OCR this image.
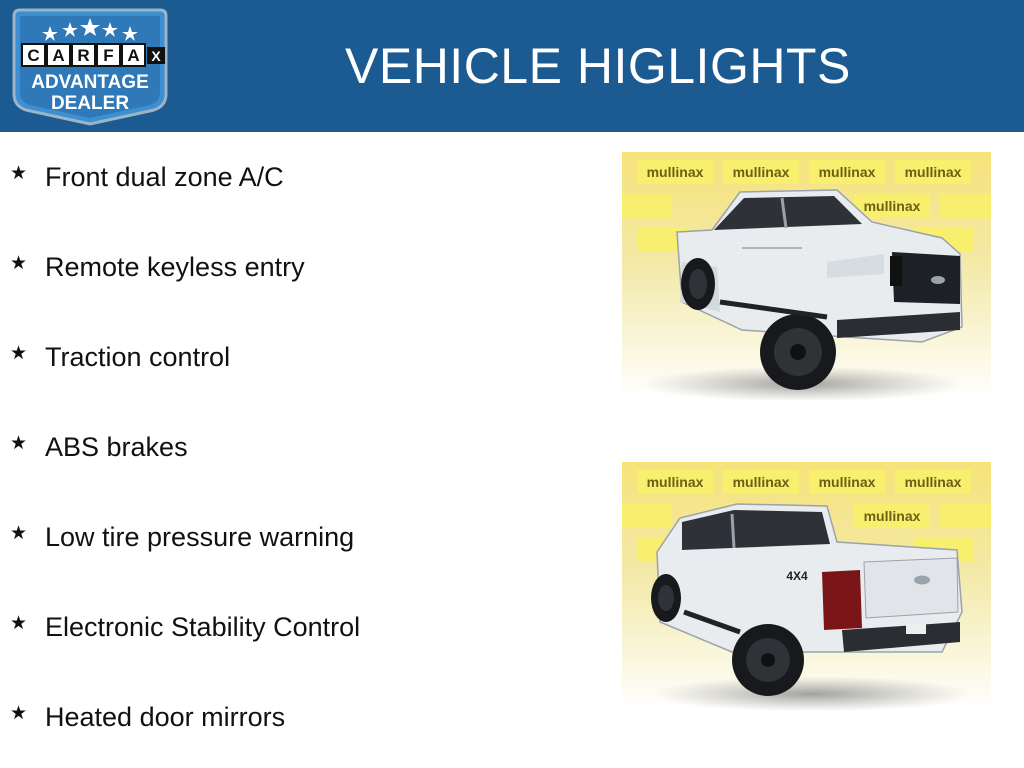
C A R F A X
ADVANTAGE
DEALER
VEHICLE HIGLIGHTS
★ Front dual zone A/C
★ Remote keyless entry
★ Traction control
★ ABS brakes
★ Low tire pressure warning
★ Electronic Stability Control
★ Heated door mirrors
mullinax mullinax mullinax mullinax
mullinax
mullinax mullinax mullinax mullinax
mullinax
4X4
